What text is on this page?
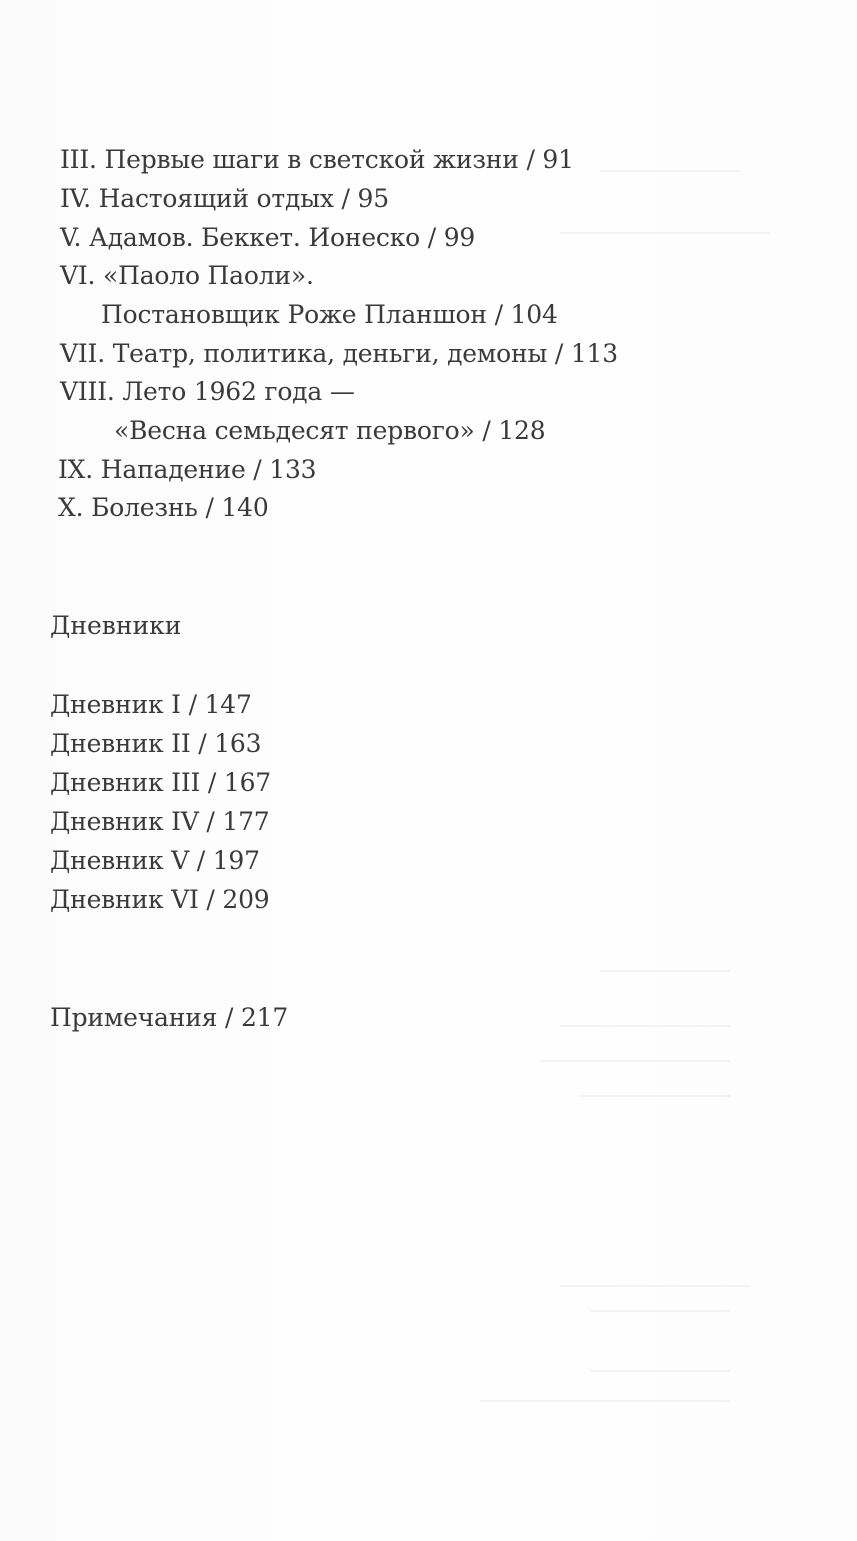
III. Первые шаги в светской жизни / 91
IV. Настоящий отдых / 95
V. Адамов. Беккет. Ионеско / 99
VI. «Паоло Паоли».
Постановщик Роже Планшон / 104
VII. Театр, политика, деньги, демоны / 113
VIII. Лето 1962 года —
«Весна семьдесят первого» / 128
IX. Нападение / 133
X. Болезнь / 140
Дневники
Дневник I / 147
Дневник II / 163
Дневник III / 167
Дневник IV / 177
Дневник V / 197
Дневник VI / 209
Примечания / 217
